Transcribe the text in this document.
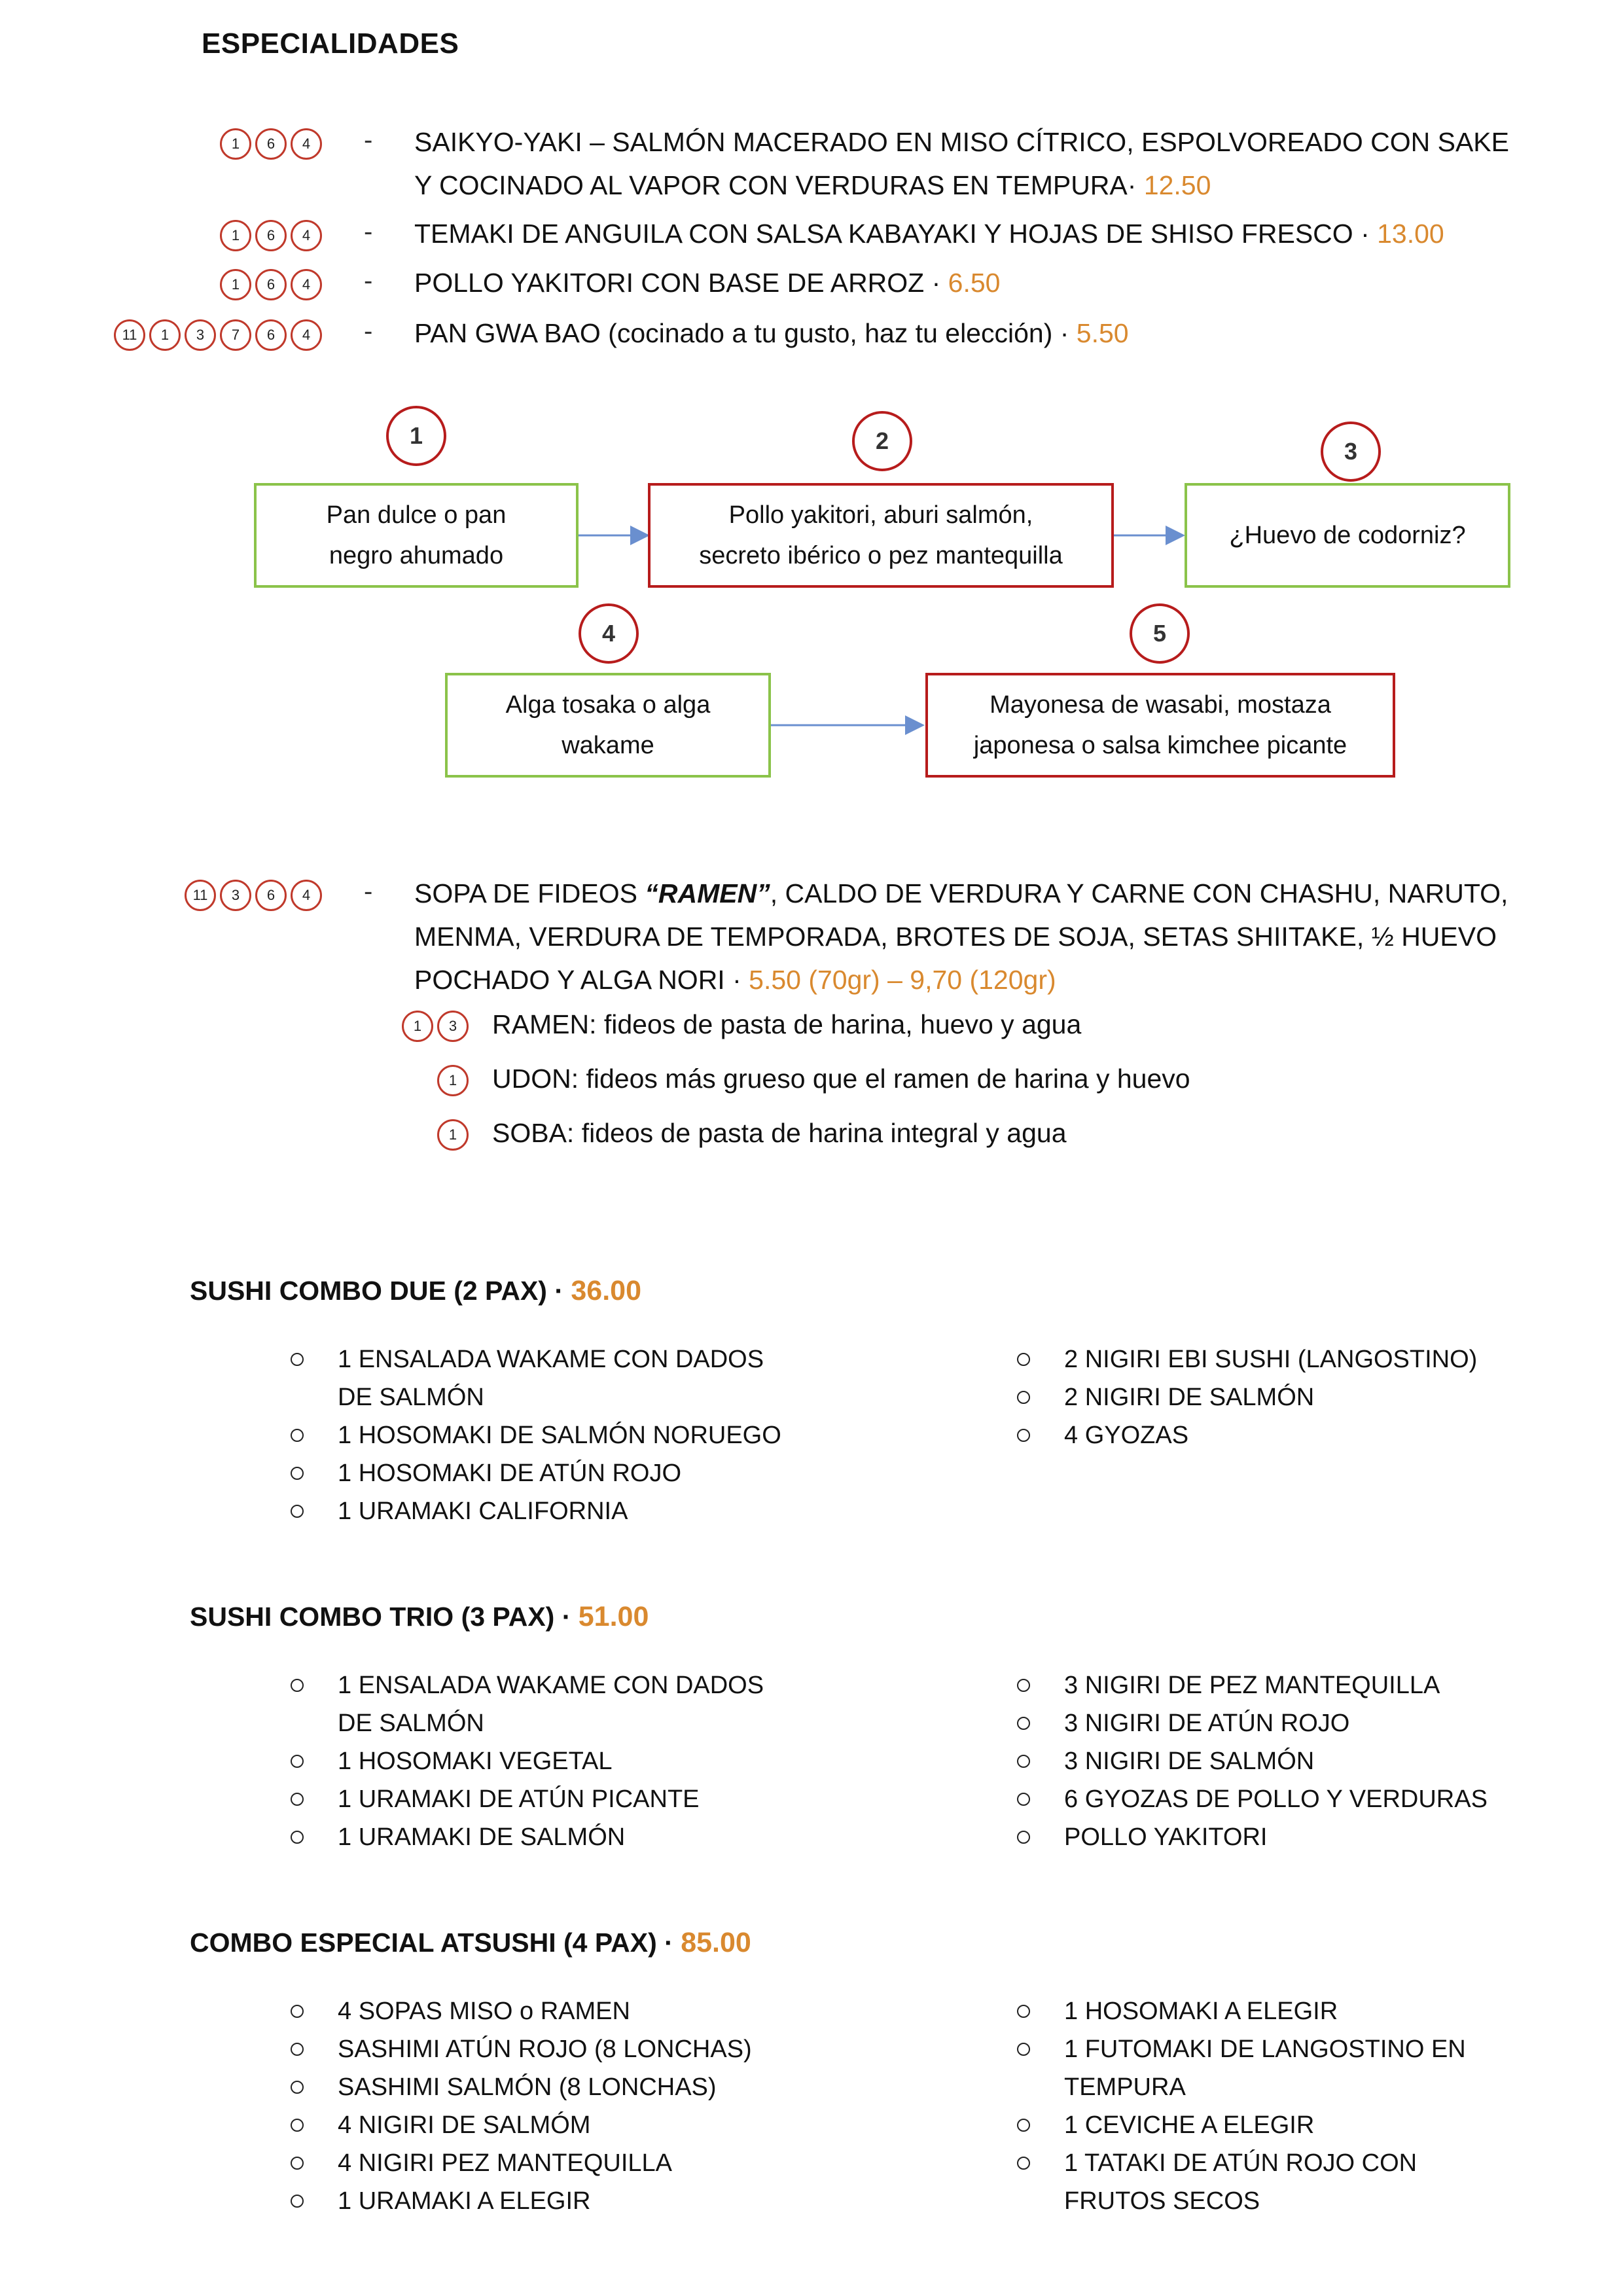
ESPECIALIDADES
1	6	4	- SAIKYO-YAKI – SALMÓN MACERADO EN MISO CÍTRICO, ESPOLVOREADO CON SAKE Y COCINADO AL VAPOR CON VERDURAS EN TEMPURA· 12.50
1	6	4	- TEMAKI DE ANGUILA CON SALSA KABAYAKI Y HOJAS DE SHISO FRESCO · 13.00
1	6	4	- POLLO YAKITORI CON BASE DE ARROZ · 6.50
11	1	3	7	6	4	- PAN GWA BAO (cocinado a tu gusto, haz tu elección) · 5.50
Pan dulce o pan
negro ahumado
Pollo yakitori, aburi salmón,
secreto ibérico o pez mantequilla
¿Huevo de codorniz?
Alga tosaka o alga
wakame
Mayonesa de wasabi, mostaza
japonesa o salsa kimchee picante
1	2	3
4	5
11	3	6	4	- SOPA DE FIDEOS “RAMEN”, CALDO DE VERDURA Y CARNE CON CHASHU, NARUTO,
MENMA, VERDURA DE TEMPORADA, BROTES DE SOJA, SETAS SHIITAKE, ½ HUEVO
POCHADO Y ALGA NORI · 5.50 (70gr) – 9,70 (120gr)
1	3	RAMEN: fideos de pasta de harina, huevo y agua
1	UDON: fideos más grueso que el ramen de harina y huevo
1	SOBA: fideos de pasta de harina integral y agua
SUSHI COMBO DUE (2 PAX) · 36.00
1 ENSALADA WAKAME CON DADOS DE SALMÓN
1 HOSOMAKI DE SALMÓN NORUEGO
1 HOSOMAKI DE ATÚN ROJO
1 URAMAKI CALIFORNIA
2 NIGIRI EBI SUSHI (LANGOSTINO)
2 NIGIRI DE SALMÓN
4 GYOZAS
SUSHI COMBO TRIO (3 PAX) · 51.00
1 ENSALADA WAKAME CON DADOS DE SALMÓN
1 HOSOMAKI VEGETAL
1 URAMAKI DE ATÚN PICANTE
1 URAMAKI DE SALMÓN
3 NIGIRI DE PEZ MANTEQUILLA
3 NIGIRI DE ATÚN ROJO
3 NIGIRI DE SALMÓN
6 GYOZAS DE POLLO Y VERDURAS
POLLO YAKITORI
COMBO ESPECIAL ATSUSHI (4 PAX) · 85.00
4 SOPAS MISO o RAMEN
SASHIMI ATÚN ROJO (8 LONCHAS)
SASHIMI SALMÓN (8 LONCHAS)
4 NIGIRI DE SALMÓM
4 NIGIRI PEZ MANTEQUILLA
1 URAMAKI A ELEGIR
1 HOSOMAKI A ELEGIR
1 FUTOMAKI DE LANGOSTINO EN TEMPURA
1 CEVICHE A ELEGIR
1 TATAKI DE ATÚN ROJO CON FRUTOS SECOS
